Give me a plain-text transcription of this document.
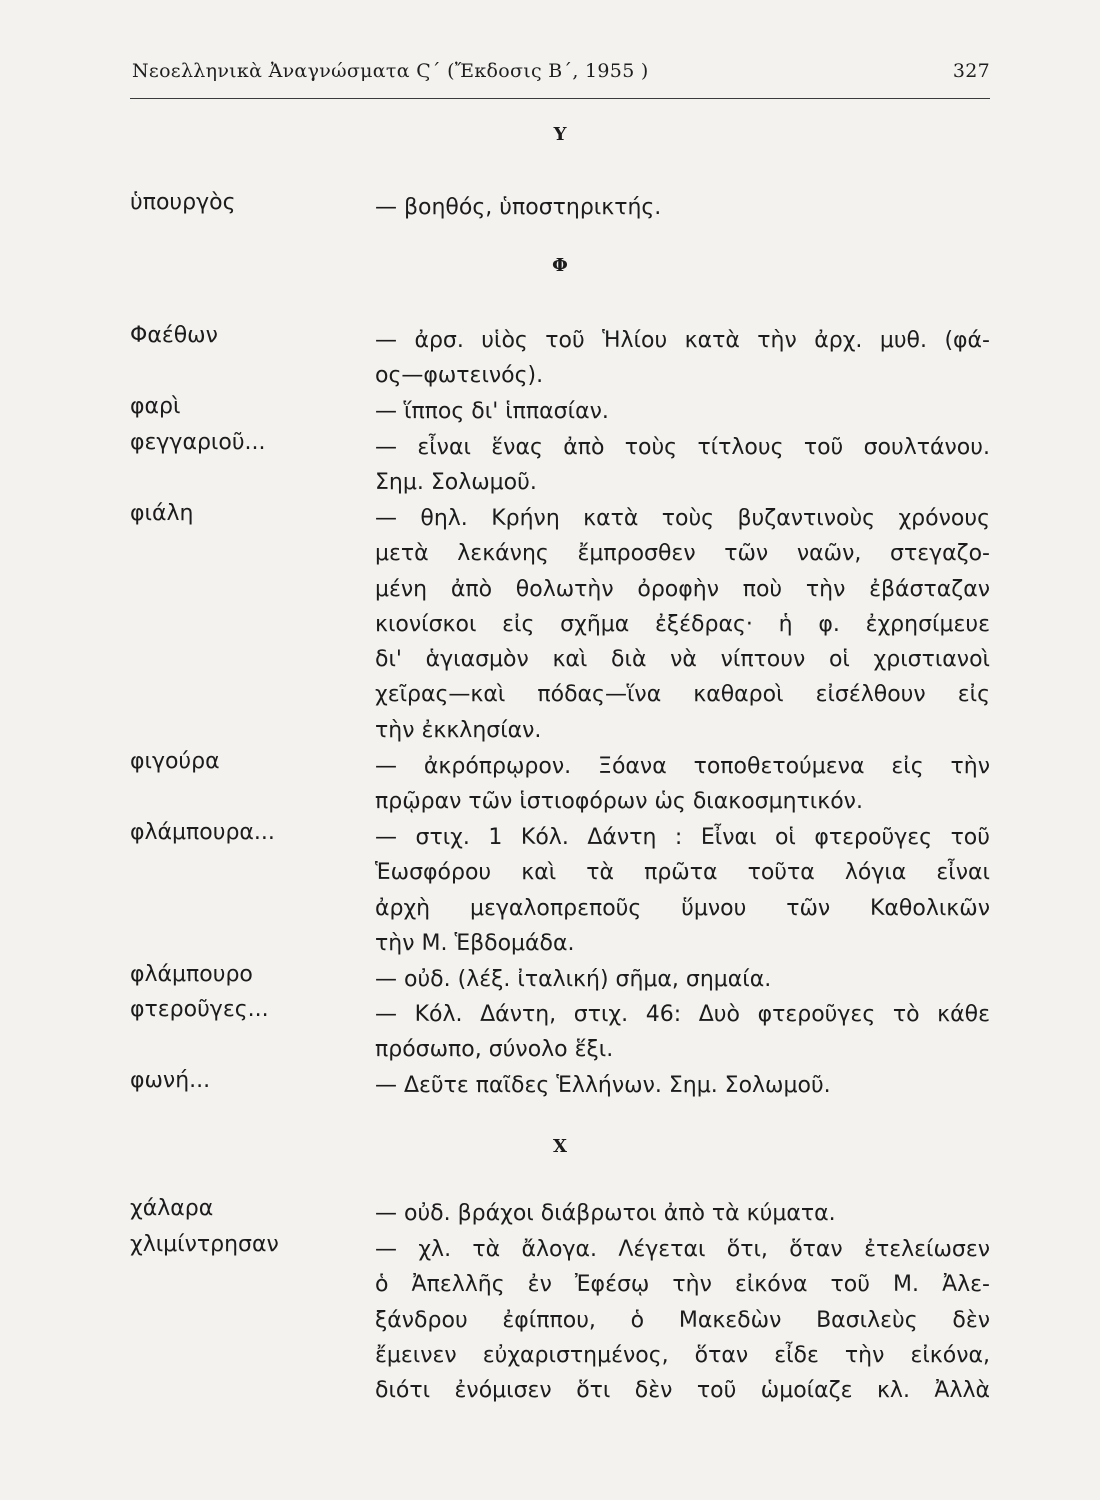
Νεοελληνικὰ Ἀναγνώσματα Ϛ΄ (Ἔκδοσις Β΄, 1955 )	327
Υ
ὑπουργὸς	— βοηθός, ὑποστηρικτής.
Φ
Φαέθων	— ἀρσ. υἱὸς τοῦ Ἡλίου κατὰ τὴν ἀρχ. μυθ. (φά-
ος—φωτεινός).
φαρὶ	— ἵππος δι' ἱππασίαν.
φεγγαριοῦ...	— εἶναι ἕνας ἀπὸ τοὺς τίτλους τοῦ σουλτάνου.
Σημ. Σολωμοῦ.
φιάλη	— θηλ. Κρήνη κατὰ τοὺς βυζαντινοὺς χρόνους
μετὰ λεκάνης ἔμπροσθεν τῶν ναῶν, στεγαζο-
μένη ἀπὸ θολωτὴν ὀροφὴν ποὺ τὴν ἐβάσταζαν
κιονίσκοι εἰς σχῆμα ἐξέδρας· ἡ φ. ἐχρησίμευε
δι' ἁγιασμὸν καὶ διὰ νὰ νίπτουν οἱ χριστιανοὶ
χεῖρας—καὶ πόδας—ἵνα καθαροὶ εἰσέλθουν εἰς
τὴν ἐκκλησίαν.
φιγούρα	— ἀκρόπρῳρον. Ξόανα τοποθετούμενα εἰς τὴν
πρῷραν τῶν ἱστιοφόρων ὡς διακοσμητικόν.
φλάμπουρα...	— στιχ. 1 Κόλ. Δάντη : Εἶναι οἱ φτεροῦγες τοῦ
Ἑωσφόρου καὶ τὰ πρῶτα τοῦτα λόγια εἶναι
ἀρχὴ μεγαλοπρεποῦς ὕμνου τῶν Καθολικῶν
τὴν Μ. Ἑβδομάδα.
φλάμπουρο	— οὐδ. (λέξ. ἰταλική) σῆμα, σημαία.
φτεροῦγες...	— Κόλ. Δάντη, στιχ. 46: Δυὸ φτεροῦγες τὸ κάθε
πρόσωπο, σύνολο ἕξι.
φωνή...	— Δεῦτε παῖδες Ἑλλήνων. Σημ. Σολωμοῦ.
Χ
χάλαρα	— οὐδ. βράχοι διάβρωτοι ἀπὸ τὰ κύματα.
χλιμίντρησαν	— χλ. τὰ ἄλογα. Λέγεται ὅτι, ὅταν ἐτελείωσεν
ὁ Ἀπελλῆς ἐν Ἐφέσῳ τὴν εἰκόνα τοῦ Μ. Ἀλε-
ξάνδρου ἐφίππου, ὁ Μακεδὼν Βασιλεὺς δὲν
ἔμεινεν εὐχαριστημένος, ὅταν εἶδε τὴν εἰκόνα,
διότι ἐνόμισεν ὅτι δὲν τοῦ ὡμοίαζε κλ. Ἀλλὰ
